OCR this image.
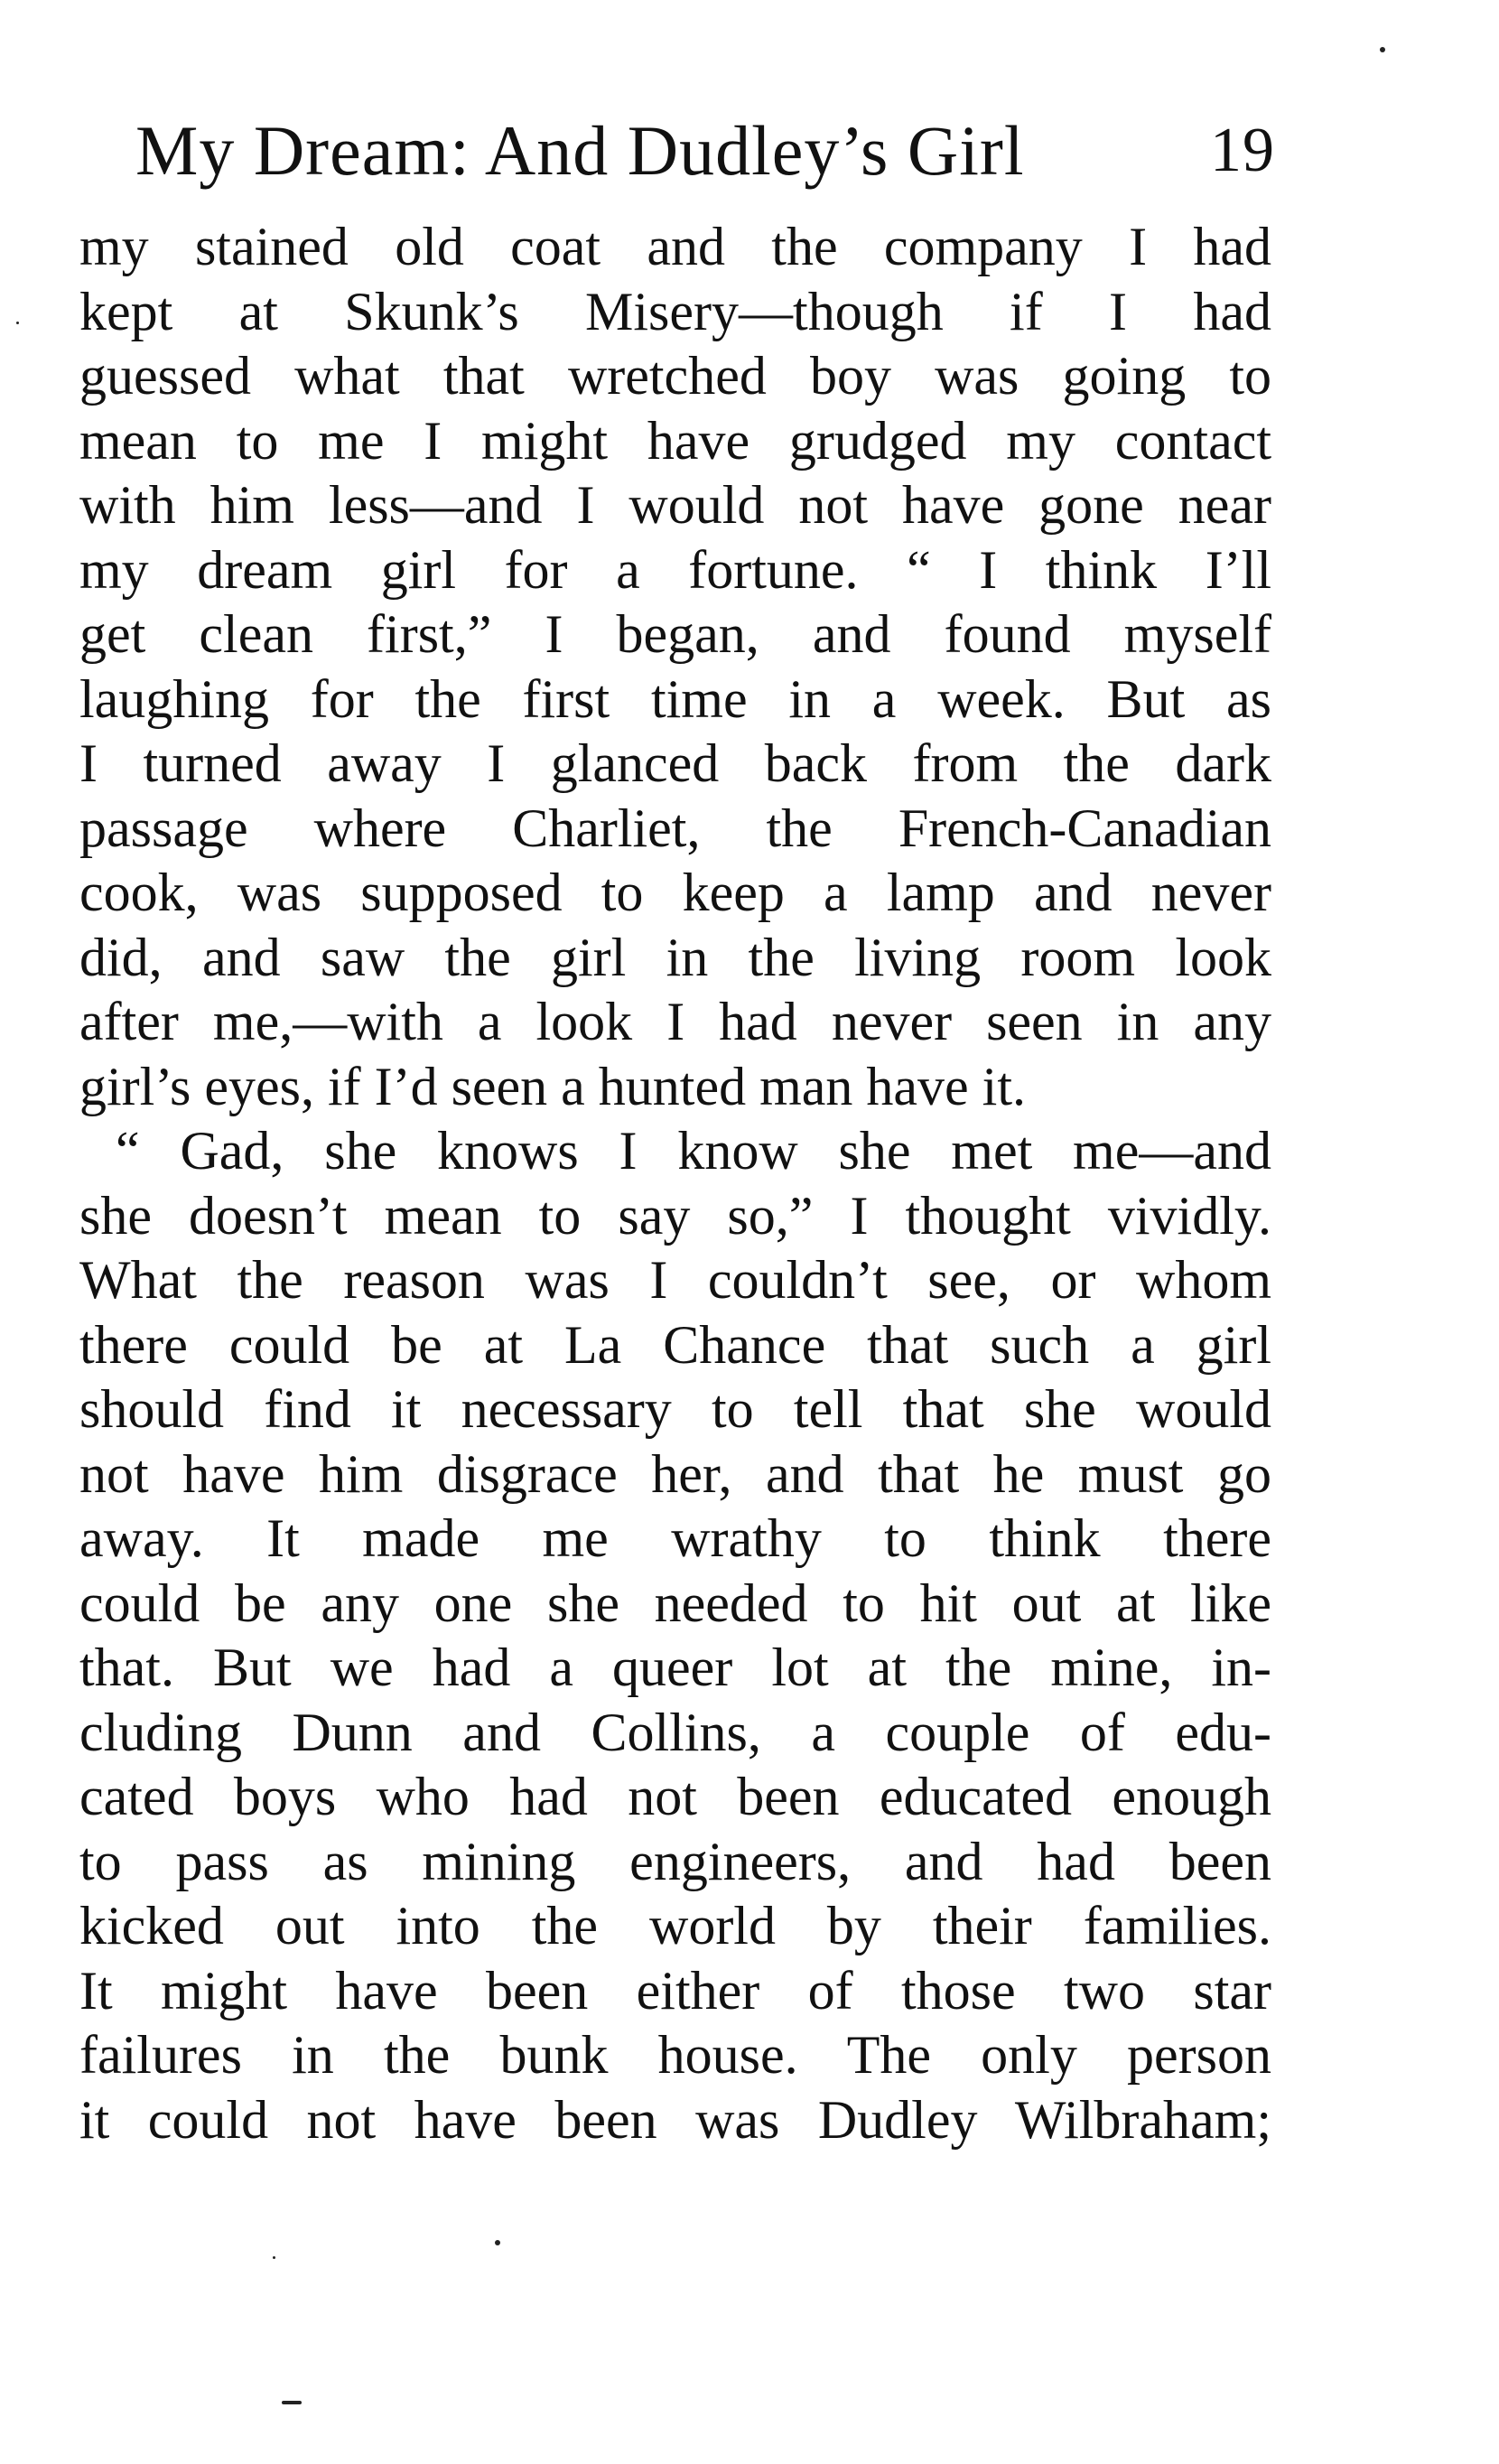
My Dream: And Dudley’s Girl	19
my stained old coat and the company I had
kept at Skunk’s Misery—though if I had
guessed what that wretched boy was going to
mean to me I might have grudged my contact
with him less—and I would not have gone near
my dream girl for a fortune. “ I think I’ll
get clean first,” I began, and found myself
laughing for the first time in a week. But as
I turned away I glanced back from the dark
passage where Charliet, the French-Canadian
cook, was supposed to keep a lamp and never
did, and saw the girl in the living room look
after me,—with a look I had never seen in any
girl’s eyes, if I’d seen a hunted man have it.
“ Gad, she knows I know she met me—and
she doesn’t mean to say so,” I thought vividly.
What the reason was I couldn’t see, or whom
there could be at La Chance that such a girl
should find it necessary to tell that she would
not have him disgrace her, and that he must go
away. It made me wrathy to think there
could be any one she needed to hit out at like
that. But we had a queer lot at the mine, in-
cluding Dunn and Collins, a couple of edu-
cated boys who had not been educated enough
to pass as mining engineers, and had been
kicked out into the world by their families.
It might have been either of those two star
failures in the bunk house. The only person
it could not have been was Dudley Wilbraham;
